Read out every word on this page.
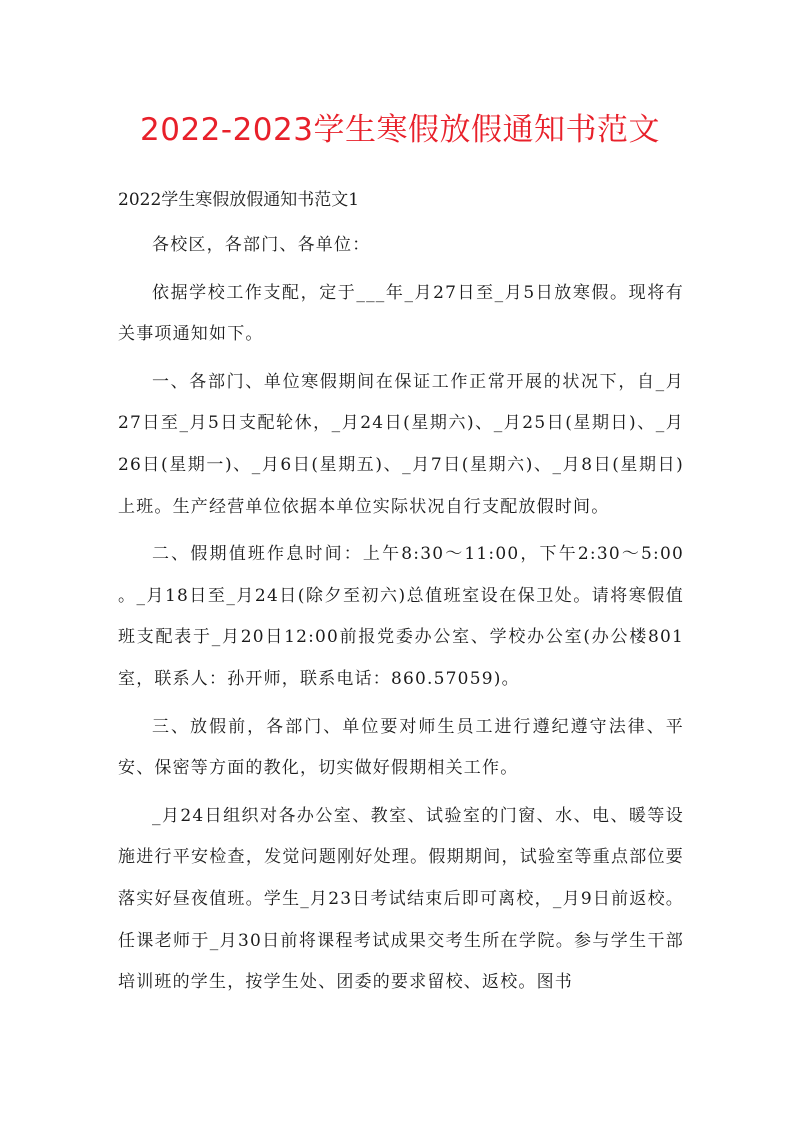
2022-2023学生寒假放假通知书范文
2022学生寒假放假通知书范文1

各校区，各部门、各单位：

依据学校工作支配，定于___年_月27日至_月5日放寒假。现将有关事项通知如下。

一、各部门、单位寒假期间在保证工作正常开展的状况下，自_月27日至_月5日支配轮休，_月24日(星期六)、_月25日(星期日)、_月26日(星期一)、_月6日(星期五)、_月7日(星期六)、_月8日(星期日)上班。生产经营单位依据本单位实际状况自行支配放假时间。

二、假期值班作息时间：上午8:30～11:00，下午2:30～5:00 。_月18日至_月24日(除夕至初六)总值班室设在保卫处。请将寒假值班支配表于_月20日12:00前报党委办公室、学校办公室(办公楼801室，联系人：孙开师，联系电话：860.57059)。

三、放假前，各部门、单位要对师生员工进行遵纪遵守法律、平安、保密等方面的教化，切实做好假期相关工作。

_月24日组织对各办公室、教室、试验室的门窗、水、电、暖等设施进行平安检查，发觉问题刚好处理。假期期间，试验室等重点部位要落实好昼夜值班。学生_月23日考试结束后即可离校，_月9日前返校。任课老师于_月30日前将课程考试成果交考生所在学院。参与学生干部培训班的学生，按学生处、团委的要求留校、返校。图书
